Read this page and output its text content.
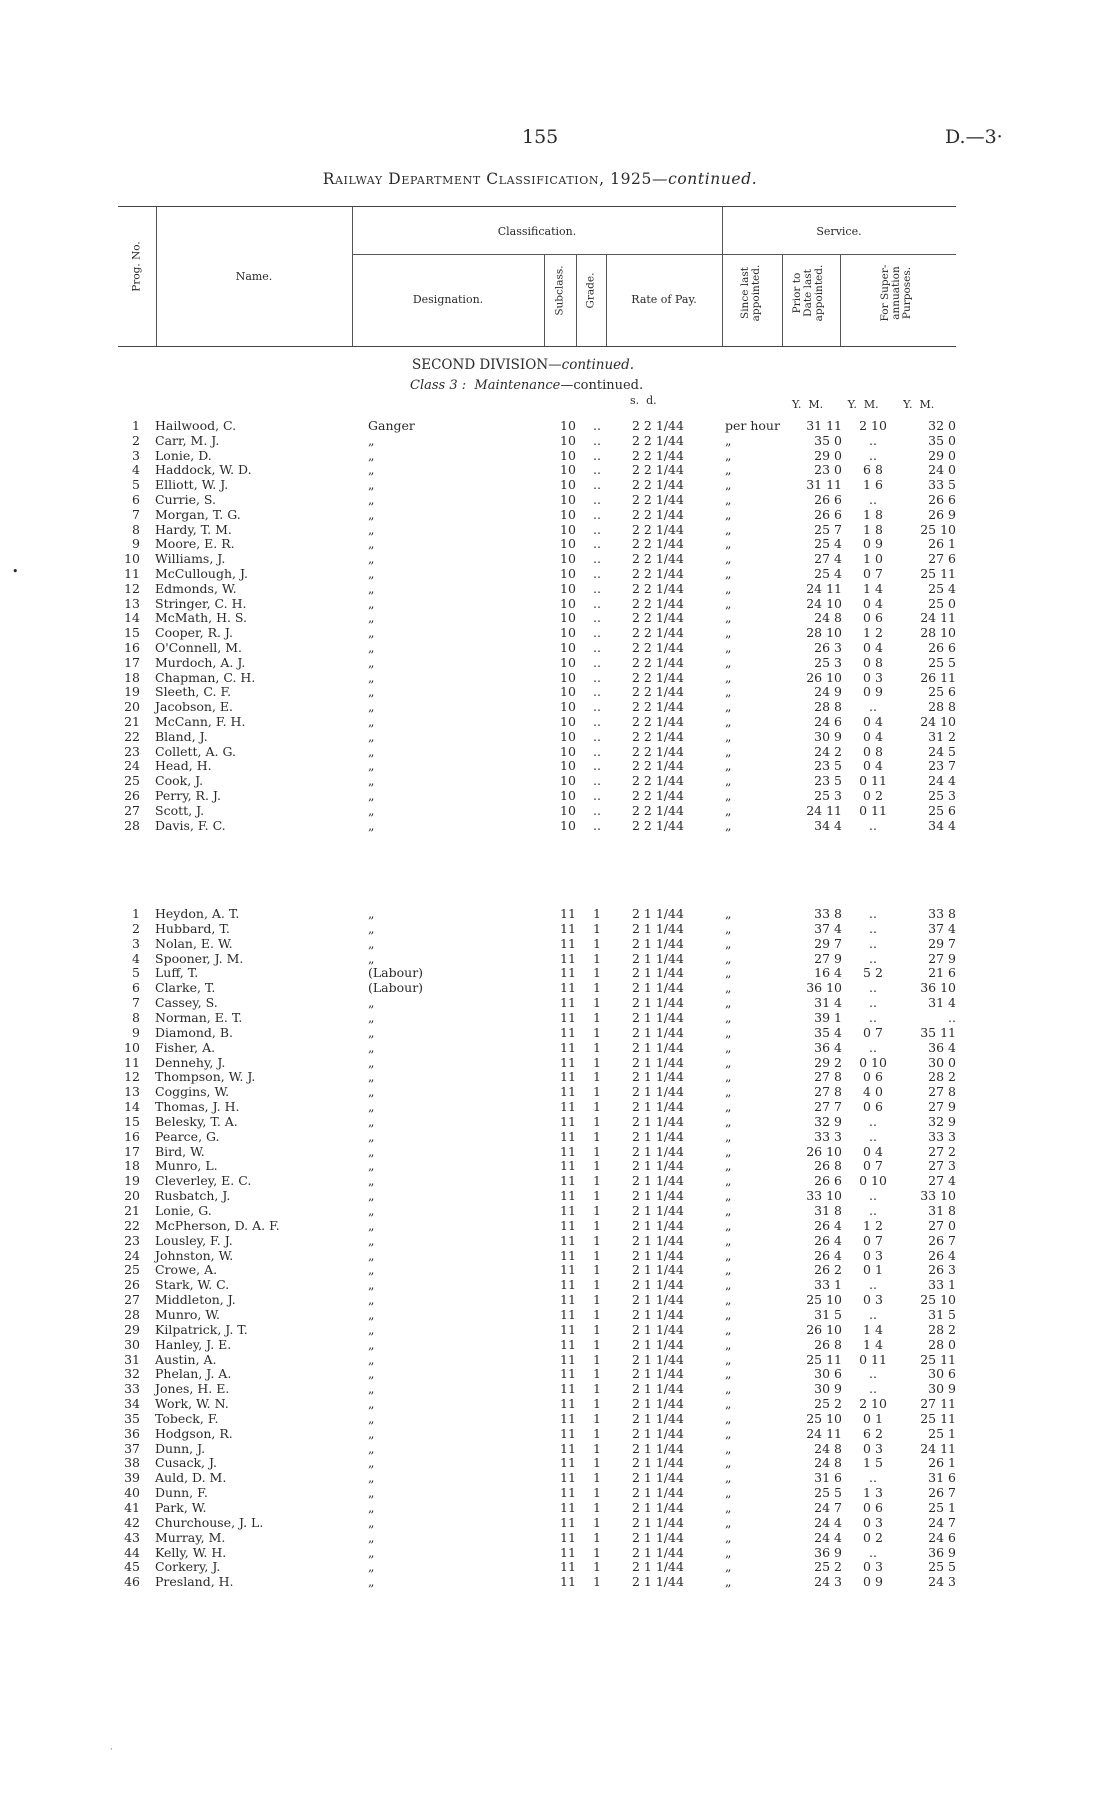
155	D.—3·
Railway Department Classification, 1925—continued.
Prog. No.	Name.
Classification.	Service.
Designation.	Subclass. Grade.	Rate of Pay.	Since last
appointed.	Prior to
Date last
appointed.	For Super-
annuation
Purposes.
SECOND DIVISION—continued.
Class 3 : Maintenance—continued.
s.  d.	Y.  M.       Y.  M.       Y.  M.
1 Hailwood, C.	Ganger	10	..	2 2 1/44	per hour	31 11	2 10	32 0
2 Carr, M. J.	„	10	..	2 2 1/44	„	35 0	..	35 0
3 Lonie, D.	„	10	..	2 2 1/44	„	29 0	..	29 0
4 Haddock, W. D.	„	10	..	2 2 1/44	„	23 0	6 8	24 0
5 Elliott, W. J.	„	10	..	2 2 1/44	„	31 11	1 6	33 5
6 Currie, S.	„	10	..	2 2 1/44	„	26 6	..	26 6
7 Morgan, T. G.	„	10	..	2 2 1/44	„	26 6	1 8	26 9
8 Hardy, T. M.	„	10	..	2 2 1/44	„	25 7	1 8	25 10
9 Moore, E. R.	„	10	..	2 2 1/44	„	25 4	0 9	26 1
10 Williams, J.	„	10	..	2 2 1/44	„	27 4	1 0	27 6
11 McCullough, J.	„	10	..	2 2 1/44	„	25 4	0 7	25 11
12 Edmonds, W.	„	10	..	2 2 1/44	„	24 11	1 4	25 4
13 Stringer, C. H.	„	10	..	2 2 1/44	„	24 10	0 4	25 0
14 McMath, H. S.	„	10	..	2 2 1/44	„	24 8	0 6	24 11
15 Cooper, R. J.	„	10	..	2 2 1/44	„	28 10	1 2	28 10
16 O'Connell, M.	„	10	..	2 2 1/44	„	26 3	0 4	26 6
17 Murdoch, A. J.	„	10	..	2 2 1/44	„	25 3	0 8	25 5
18 Chapman, C. H.	„	10	..	2 2 1/44	„	26 10	0 3	26 11
19 Sleeth, C. F.	„	10	..	2 2 1/44	„	24 9	0 9	25 6
20 Jacobson, E.	„	10	..	2 2 1/44	„	28 8	..	28 8
21 McCann, F. H.	„	10	..	2 2 1/44	„	24 6	0 4	24 10
22 Bland, J.	„	10	..	2 2 1/44	„	30 9	0 4	31 2
23 Collett, A. G.	„	10	..	2 2 1/44	„	24 2	0 8	24 5
24 Head, H.	„	10	..	2 2 1/44	„	23 5	0 4	23 7
25 Cook, J.	„	10	..	2 2 1/44	„	23 5	0 11	24 4
26 Perry, R. J.	„	10	..	2 2 1/44	„	25 3	0 2	25 3
27 Scott, J.	„	10	..	2 2 1/44	„	24 11	0 11	25 6
28 Davis, F. C.	„	10	..	2 2 1/44	„	34 4	..	34 4
1 Heydon, A. T.	„	11	1	2 1 1/44	„	33 8	..	33 8
2 Hubbard, T.	„	11	1	2 1 1/44	„	37 4	..	37 4
3 Nolan, E. W.	„	11	1	2 1 1/44	„	29 7	..	29 7
4 Spooner, J. M.	„	11	1	2 1 1/44	„	27 9	..	27 9
5 Luff, T.	(Labour)	11	1	2 1 1/44	„	16 4	5 2	21 6
6 Clarke, T.	(Labour)	11	1	2 1 1/44	„	36 10	..	36 10
7 Cassey, S.	„	11	1	2 1 1/44	„	31 4	..	31 4
8 Norman, E. T.	„	11	1	2 1 1/44	„	39 1	..	..
9 Diamond, B.	„	11	1	2 1 1/44	„	35 4	0 7	35 11
10 Fisher, A.	„	11	1	2 1 1/44	„	36 4	..	36 4
11 Dennehy, J.	„	11	1	2 1 1/44	„	29 2	0 10	30 0
12 Thompson, W. J.	„	11	1	2 1 1/44	„	27 8	0 6	28 2
13 Coggins, W.	„	11	1	2 1 1/44	„	27 8	4 0	27 8
14 Thomas, J. H.	„	11	1	2 1 1/44	„	27 7	0 6	27 9
15 Belesky, T. A.	„	11	1	2 1 1/44	„	32 9	..	32 9
16 Pearce, G.	„	11	1	2 1 1/44	„	33 3	..	33 3
17 Bird, W.	„	11	1	2 1 1/44	„	26 10	0 4	27 2
18 Munro, L.	„	11	1	2 1 1/44	„	26 8	0 7	27 3
19 Cleverley, E. C.	„	11	1	2 1 1/44	„	26 6	0 10	27 4
20 Rusbatch, J.	„	11	1	2 1 1/44	„	33 10	..	33 10
21 Lonie, G.	„	11	1	2 1 1/44	„	31 8	..	31 8
22 McPherson, D. A. F.	„	11	1	2 1 1/44	„	26 4	1 2	27 0
23 Lousley, F. J.	„	11	1	2 1 1/44	„	26 4	0 7	26 7
24 Johnston, W.	„	11	1	2 1 1/44	„	26 4	0 3	26 4
25 Crowe, A.	„	11	1	2 1 1/44	„	26 2	0 1	26 3
26 Stark, W. C.	„	11	1	2 1 1/44	„	33 1	..	33 1
27 Middleton, J.	„	11	1	2 1 1/44	„	25 10	0 3	25 10
28 Munro, W.	„	11	1	2 1 1/44	„	31 5	..	31 5
29 Kilpatrick, J. T.	„	11	1	2 1 1/44	„	26 10	1 4	28 2
30 Hanley, J. E.	„	11	1	2 1 1/44	„	26 8	1 4	28 0
31 Austin, A.	„	11	1	2 1 1/44	„	25 11	0 11	25 11
32 Phelan, J. A.	„	11	1	2 1 1/44	„	30 6	..	30 6
33 Jones, H. E.	„	11	1	2 1 1/44	„	30 9	..	30 9
34 Work, W. N.	„	11	1	2 1 1/44	„	25 2	2 10	27 11
35 Tobeck, F.	„	11	1	2 1 1/44	„	25 10	0 1	25 11
36 Hodgson, R.	„	11	1	2 1 1/44	„	24 11	6 2	25 1
37 Dunn, J.	„	11	1	2 1 1/44	„	24 8	0 3	24 11
38 Cusack, J.	„	11	1	2 1 1/44	„	24 8	1 5	26 1
39 Auld, D. M.	„	11	1	2 1 1/44	„	31 6	..	31 6
40 Dunn, F.	„	11	1	2 1 1/44	„	25 5	1 3	26 7
41 Park, W.	„	11	1	2 1 1/44	„	24 7	0 6	25 1
42 Churchouse, J. L.	„	11	1	2 1 1/44	„	24 4	0 3	24 7
43 Murray, M.	„	11	1	2 1 1/44	„	24 4	0 2	24 6
44 Kelly, W. H.	„	11	1	2 1 1/44	„	36 9	..	36 9
45 Corkery, J.	„	11	1	2 1 1/44	„	25 2	0 3	25 5
46 Presland, H.	„	11	1	2 1 1/44	„	24 3	0 9	24 3
•
·
